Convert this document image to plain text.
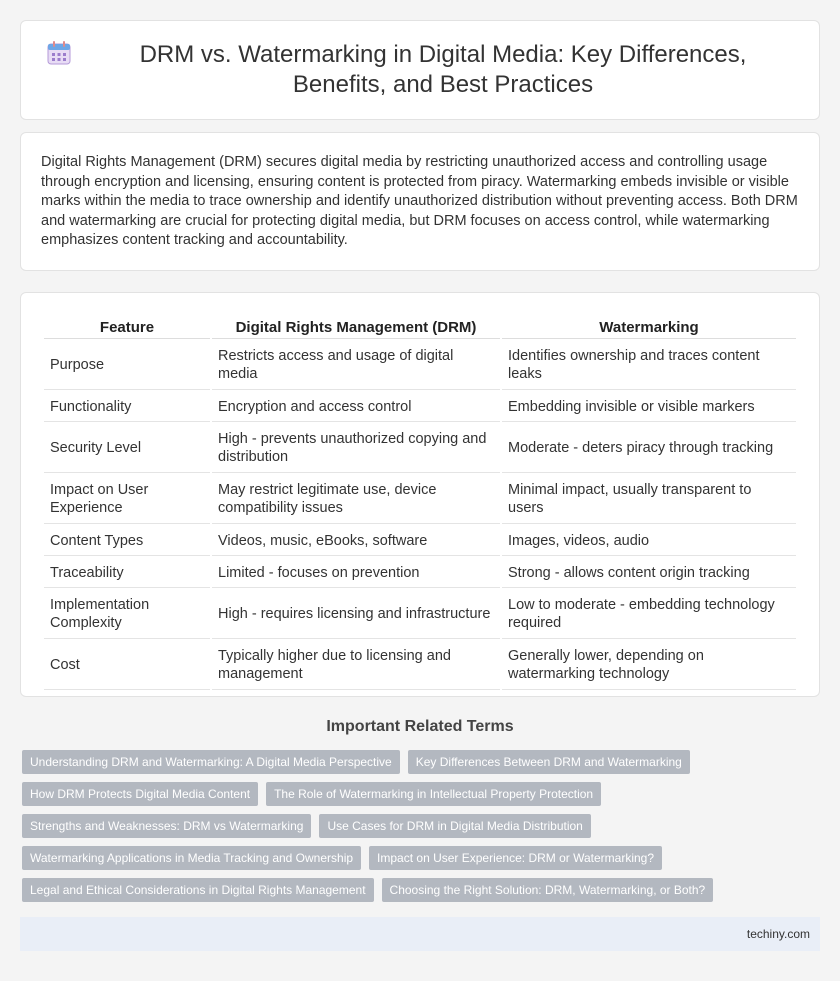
DRM vs. Watermarking in Digital Media: Key Differences, Benefits, and Best Practices

Digital Rights Management (DRM) secures digital media by restricting unauthorized access and controlling usage through encryption and licensing, ensuring content is protected from piracy. Watermarking embeds invisible or visible marks within the media to trace ownership and identify unauthorized distribution without preventing access. Both DRM and watermarking are crucial for protecting digital media, but DRM focuses on access control, while watermarking emphasizes content tracking and accountability.

Feature	Digital Rights Management (DRM)	Watermarking
Purpose	Restricts access and usage of digital media	Identifies ownership and traces content leaks
Functionality	Encryption and access control	Embedding invisible or visible markers
Security Level	High - prevents unauthorized copying and distribution	Moderate - deters piracy through tracking
Impact on User Experience	May restrict legitimate use, device compatibility issues	Minimal impact, usually transparent to users
Content Types	Videos, music, eBooks, software	Images, videos, audio
Traceability	Limited - focuses on prevention	Strong - allows content origin tracking
Implementation Complexity	High - requires licensing and infrastructure	Low to moderate - embedding technology required
Cost	Typically higher due to licensing and management	Generally lower, depending on watermarking technology
Important Related Terms
Understanding DRM and Watermarking: A Digital Media Perspective	Key Differences Between DRM and Watermarking
How DRM Protects Digital Media Content	The Role of Watermarking in Intellectual Property Protection
Strengths and Weaknesses: DRM vs Watermarking	Use Cases for DRM in Digital Media Distribution
Watermarking Applications in Media Tracking and Ownership	Impact on User Experience: DRM or Watermarking?
Legal and Ethical Considerations in Digital Rights Management	Choosing the Right Solution: DRM, Watermarking, or Both?
techiny.com
